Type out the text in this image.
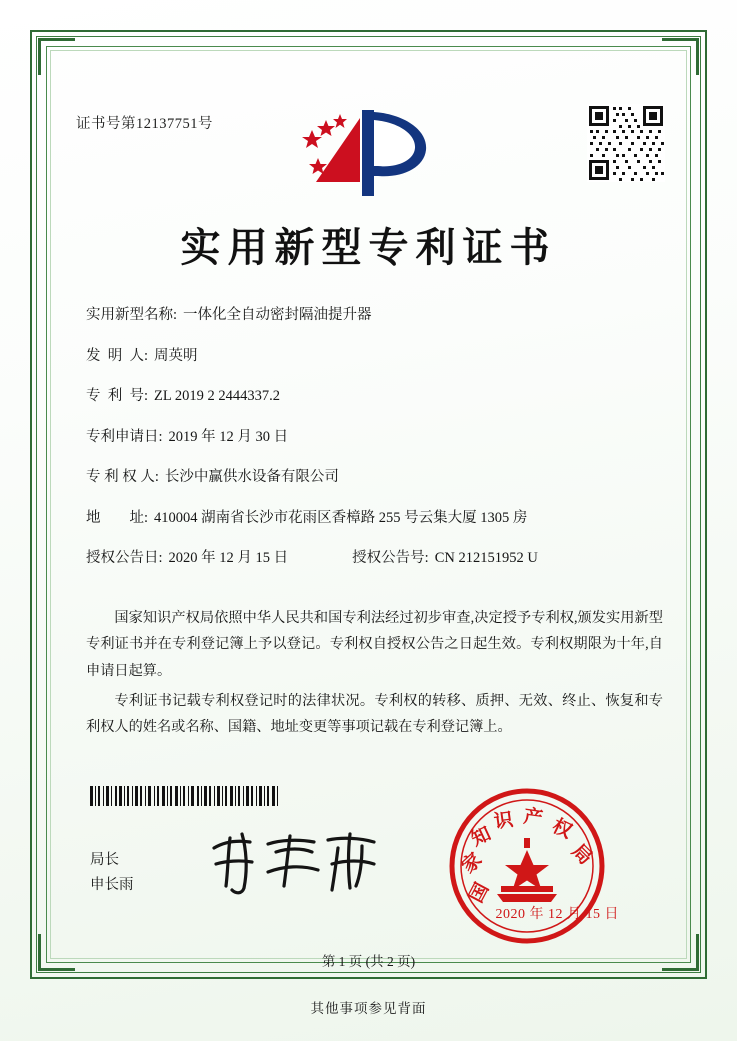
证书号第12137751号
实用新型专利证书
实用新型名称: 一体化全自动密封隔油提升器
发  明  人: 周英明
专  利  号: ZL 2019 2 2444337.2
专利申请日: 2019 年 12 月 30 日
专 利 权 人: 长沙中赢供水设备有限公司
地        址: 410004 湖南省长沙市花雨区香樟路 255 号云集大厦 1305 房
授权公告日: 2020 年 12 月 15 日	授权公告号: CN 212151952 U

国家知识产权局依照中华人民共和国专利法经过初步审查,决定授予专利权,颁发实用新型专利证书并在专利登记簿上予以登记。专利权自授权公告之日起生效。专利权期限为十年,自申请日起算。

专利证书记载专利权登记时的法律状况。专利权的转移、质押、无效、终止、恢复和专利权人的姓名或名称、国籍、地址变更等事项记载在专利登记簿上。

局长
申长雨	国
家
知
识 产 权
局
2020 年 12 月 15 日
第 1 页 (共 2 页)
其他事项参见背面
